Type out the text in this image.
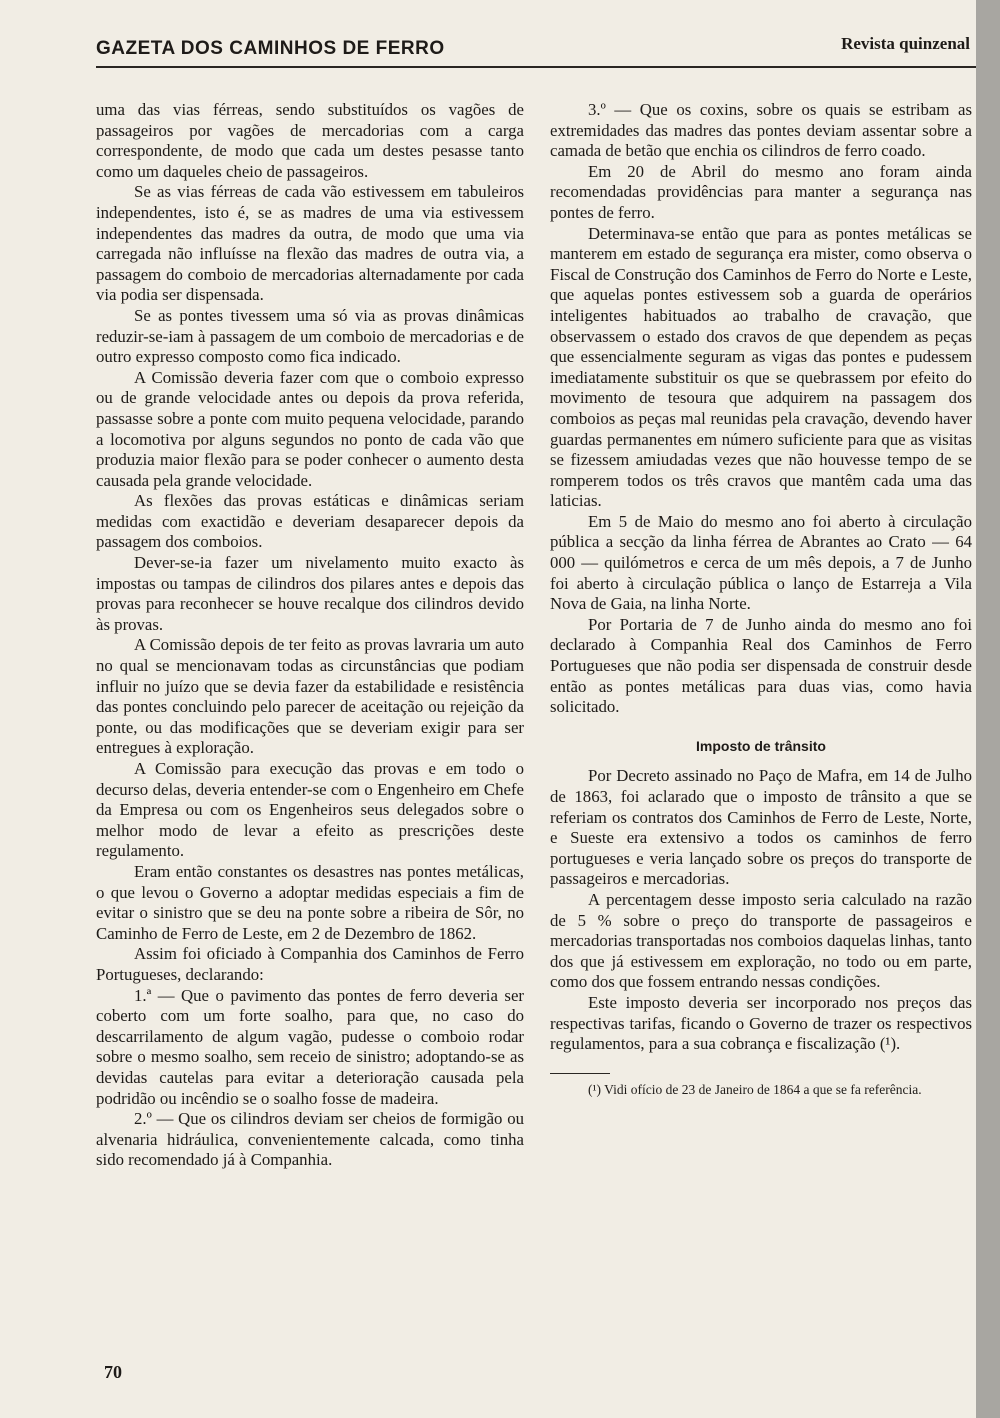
GAZETA DOS CAMINHOS DE FERRO	Revista quinzenal

uma das vias férreas, sendo substituídos os vagões de passageiros por vagões de mercadorias com a carga correspondente, de modo que cada um destes pesasse tanto como um daqueles cheio de passageiros.

Se as vias férreas de cada vão estivessem em tabuleiros independentes, isto é, se as madres de uma via estivessem independentes das madres da outra, de modo que uma via carregada não influísse na flexão das madres de outra via, a passagem do comboio de mercadorias alternadamente por cada via podia ser dispensada.

Se as pontes tivessem uma só via as provas dinâmicas reduzir-se-iam à passagem de um comboio de mercadorias e de outro expresso composto como fica indicado.

A Comissão deveria fazer com que o comboio expresso ou de grande velocidade antes ou depois da prova referida, passasse sobre a ponte com muito pequena velocidade, parando a locomotiva por alguns segundos no ponto de cada vão que produzia maior flexão para se poder conhecer o aumento desta causada pela grande velocidade.

As flexões das provas estáticas e dinâmicas seriam medidas com exactidão e deveriam desaparecer depois da passagem dos comboios.

Dever-se-ia fazer um nivelamento muito exacto às impostas ou tampas de cilindros dos pilares antes e depois das provas para reconhecer se houve recalque dos cilindros devido às provas.

A Comissão depois de ter feito as provas lavraria um auto no qual se mencionavam todas as circunstâncias que podiam influir no juízo que se devia fazer da estabilidade e resistência das pontes concluindo pelo parecer de aceitação ou rejeição da ponte, ou das modificações que se deveriam exigir para ser entregues à exploração.

A Comissão para execução das provas e em todo o decurso delas, deveria entender-se com o Engenheiro em Chefe da Empresa ou com os Engenheiros seus delegados sobre o melhor modo de levar a efeito as prescrições deste regulamento.

Eram então constantes os desastres nas pontes metálicas, o que levou o Governo a adoptar medidas especiais a fim de evitar o sinistro que se deu na ponte sobre a ribeira de Sôr, no Caminho de Ferro de Leste, em 2 de Dezembro de 1862.

Assim foi oficiado à Companhia dos Caminhos de Ferro Portugueses, declarando:

1.ª — Que o pavimento das pontes de ferro deveria ser coberto com um forte soalho, para que, no caso do descarrilamento de algum vagão, pudesse o comboio rodar sobre o mesmo soalho, sem receio de sinistro; adoptando-se as devidas cautelas para evitar a deterioração causada pela podridão ou incêndio se o soalho fosse de madeira.

2.º — Que os cilindros deviam ser cheios de formigão ou alvenaria hidráulica, convenientemente calcada, como tinha sido recomendado já à Companhia.

3.º — Que os coxins, sobre os quais se estribam as extremidades das madres das pontes deviam assentar sobre a camada de betão que enchia os cilindros de ferro coado.

Em 20 de Abril do mesmo ano foram ainda recomendadas providências para manter a segurança nas pontes de ferro.

Determinava-se então que para as pontes metálicas se manterem em estado de segurança era mister, como observa o Fiscal de Construção dos Caminhos de Ferro do Norte e Leste, que aquelas pontes estivessem sob a guarda de operários inteligentes habituados ao trabalho de cravação, que observassem o estado dos cravos de que dependem as peças que essencialmente seguram as vigas das pontes e pudessem imediatamente substituir os que se quebrassem por efeito do movimento de tesoura que adquirem na passagem dos comboios as peças mal reunidas pela cravação, devendo haver guardas permanentes em número suficiente para que as visitas se fizessem amiudadas vezes que não houvesse tempo de se romperem todos os três cravos que mantêm cada uma das laticias.

Em 5 de Maio do mesmo ano foi aberto à circulação pública a secção da linha férrea de Abrantes ao Crato — 64 000 — quilómetros e cerca de um mês depois, a 7 de Junho foi aberto à circulação pública o lanço de Estarreja a Vila Nova de Gaia, na linha Norte.

Por Portaria de 7 de Junho ainda do mesmo ano foi declarado à Companhia Real dos Caminhos de Ferro Portugueses que não podia ser dispensada de construir desde então as pontes metálicas para duas vias, como havia solicitado.

Imposto de trânsito

Por Decreto assinado no Paço de Mafra, em 14 de Julho de 1863, foi aclarado que o imposto de trânsito a que se referiam os contratos dos Caminhos de Ferro de Leste, Norte, e Sueste era extensivo a todos os caminhos de ferro portugueses e veria lançado sobre os preços do transporte de passageiros e mercadorias.

A percentagem desse imposto seria calculado na razão de 5 % sobre o preço do transporte de passageiros e mercadorias transportadas nos comboios daquelas linhas, tanto dos que já estivessem em exploração, no todo ou em parte, como dos que fossem entrando nessas condições.

Este imposto deveria ser incorporado nos preços das respectivas tarifas, ficando o Governo de trazer os respectivos regulamentos, para a sua cobrança e fiscalização (¹).

(¹) Vidi ofício de 23 de Janeiro de 1864 a que se fa referência.

70
